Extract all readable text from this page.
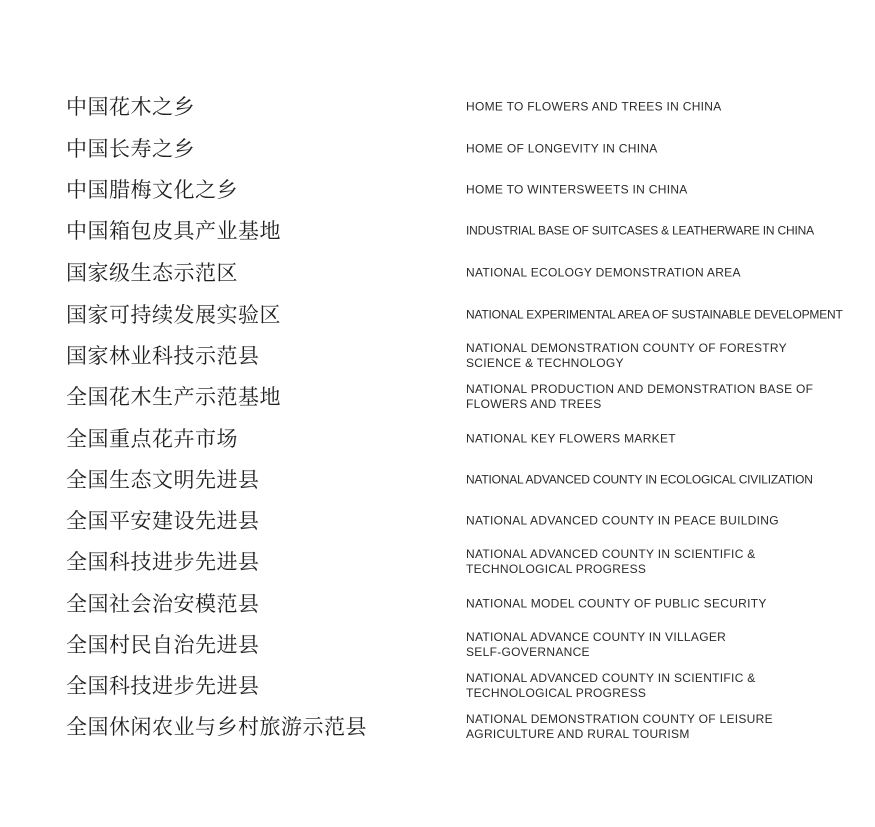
中国花木之乡	HOME TO FLOWERS AND TREES IN CHINA
中国长寿之乡	HOME OF LONGEVITY IN CHINA
中国腊梅文化之乡	HOME TO WINTERSWEETS IN CHINA
中国箱包皮具产业基地	INDUSTRIAL BASE OF SUITCASES & LEATHERWARE IN CHINA
国家级生态示范区	NATIONAL ECOLOGY DEMONSTRATION AREA
国家可持续发展实验区	NATIONAL EXPERIMENTAL AREA OF SUSTAINABLE DEVELOPMENT
国家林业科技示范县	NATIONAL DEMONSTRATION COUNTY OF FORESTRY
SCIENCE & TECHNOLOGY
全国花木生产示范基地	NATIONAL PRODUCTION AND DEMONSTRATION BASE OF
FLOWERS AND TREES
全国重点花卉市场	NATIONAL KEY FLOWERS MARKET
全国生态文明先进县	NATIONAL ADVANCED COUNTY IN ECOLOGICAL CIVILIZATION
全国平安建设先进县	NATIONAL ADVANCED COUNTY IN PEACE BUILDING
全国科技进步先进县	NATIONAL ADVANCED COUNTY IN SCIENTIFIC &
TECHNOLOGICAL PROGRESS
全国社会治安模范县	NATIONAL MODEL COUNTY OF PUBLIC SECURITY
全国村民自治先进县	NATIONAL ADVANCE COUNTY IN VILLAGER
SELF-GOVERNANCE
全国科技进步先进县	NATIONAL ADVANCED COUNTY IN SCIENTIFIC &
TECHNOLOGICAL PROGRESS
全国休闲农业与乡村旅游示范县	NATIONAL DEMONSTRATION COUNTY OF LEISURE
AGRICULTURE AND RURAL TOURISM
